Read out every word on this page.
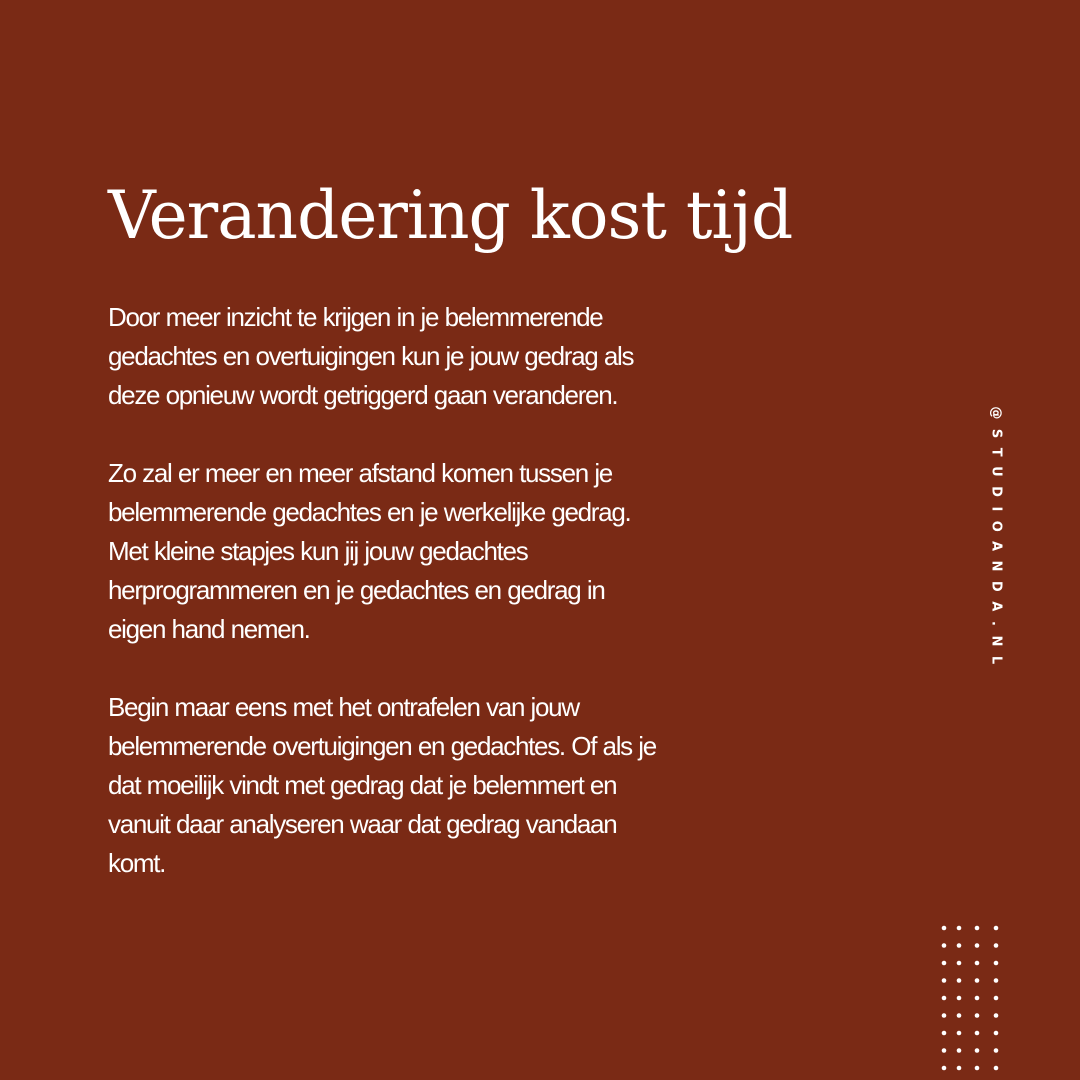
Verandering kost tijd

Door meer inzicht te krijgen in je belemmerende
gedachtes en overtuigingen kun je jouw gedrag als
deze opnieuw wordt getriggerd gaan veranderen.

Zo zal er meer en meer afstand komen tussen je
belemmerende gedachtes en je werkelijke gedrag.
Met kleine stapjes kun jij jouw gedachtes
herprogrammeren en je gedachtes en gedrag in
eigen hand nemen.

Begin maar eens met het ontrafelen van jouw
belemmerende overtuigingen en gedachtes. Of als je
dat moeilijk vindt met gedrag dat je belemmert en
vanuit daar analyseren waar dat gedrag vandaan
komt.

@STUDIOANDA.NL
